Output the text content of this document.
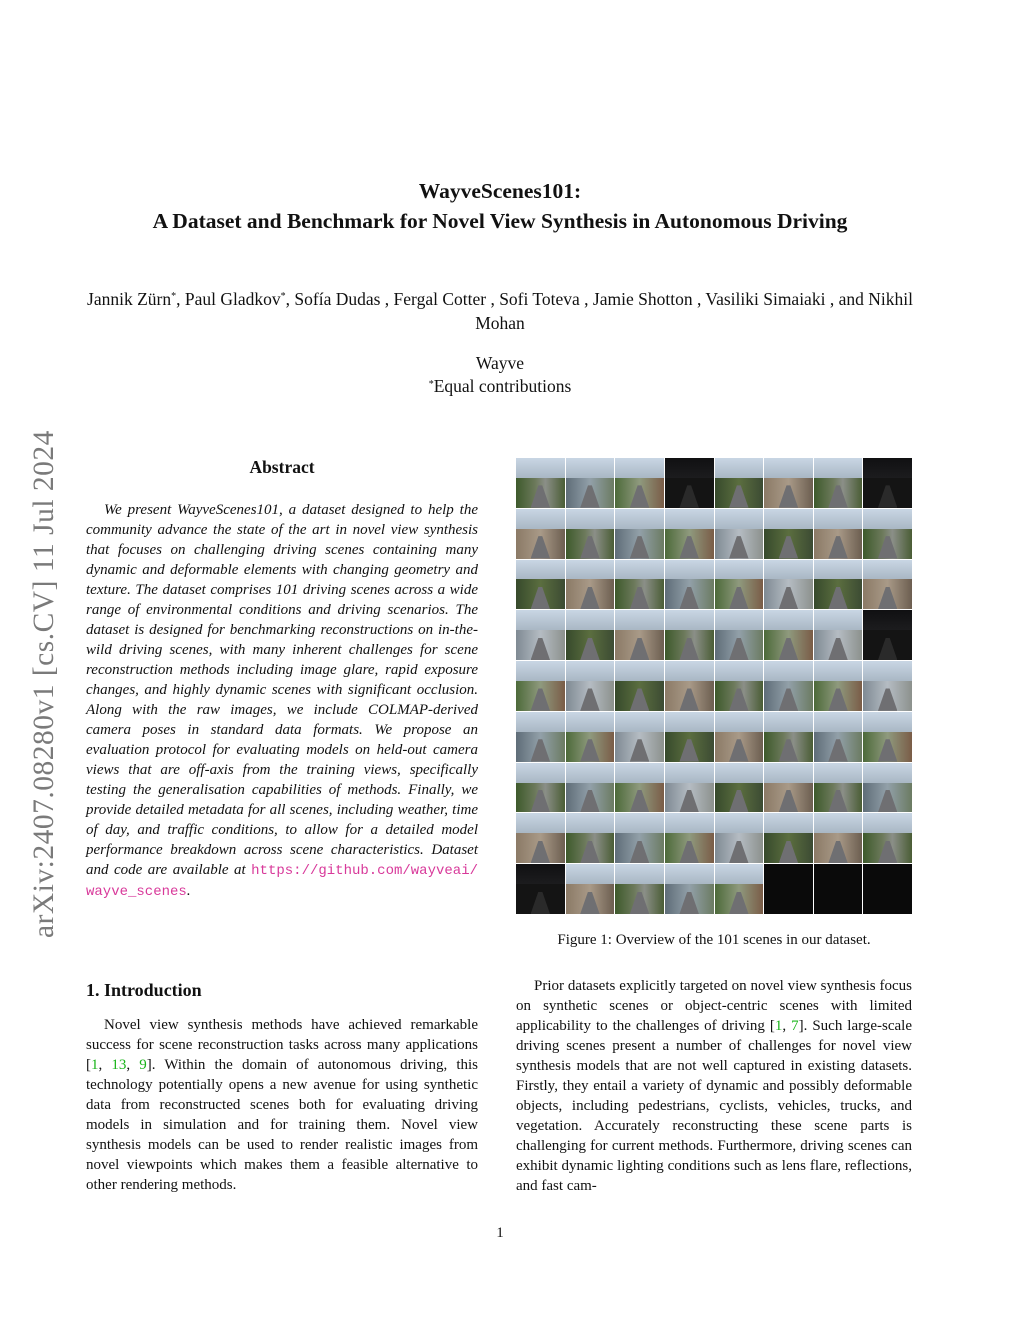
WayveScenes101:
A Dataset and Benchmark for Novel View Synthesis in Autonomous Driving
Jannik Zürn*, Paul Gladkov*, Sofía Dudas , Fergal Cotter , Sofi Toteva , Jamie Shotton , Vasiliki Simaiaki , and Nikhil Mohan
Wayve
*Equal contributions
arXiv:2407.08280v1 [cs.CV] 11 Jul 2024	Abstract

We present WayveScenes101, a dataset designed to help the community advance the state of the art in novel view synthesis that focuses on challenging driving scenes containing many dynamic and deformable elements with changing geometry and texture. The dataset comprises 101 driving scenes across a wide range of environmental conditions and driving scenarios. The dataset is designed for benchmarking reconstructions on in-the-wild driving scenes, with many inherent challenges for scene reconstruction methods including image glare, rapid exposure changes, and highly dynamic scenes with significant occlusion. Along with the raw images, we include COLMAP-derived camera poses in standard data formats. We propose an evaluation protocol for evaluating models on held-out camera views that are off-axis from the training views, specifically testing the generalisation capabilities of methods. Finally, we provide detailed metadata for all scenes, including weather, time of day, and traffic conditions, to allow for a detailed model performance breakdown across scene characteristics. Dataset and code are available at https://github.com/wayveai/ wayve_scenes.

1. Introduction

Novel view synthesis methods have achieved remarkable success for scene reconstruction tasks across many applications [1, 13, 9]. Within the domain of autonomous driving, this technology potentially opens a new avenue for using synthetic data from reconstructed scenes both for evaluating driving models in simulation and for training them. Novel view synthesis models can be used to render realistic images from novel viewpoints which makes them a feasible alternative to other rendering methods.

Figure 1: Overview of the 101 scenes in our dataset.

Prior datasets explicitly targeted on novel view synthesis focus on synthetic scenes or object-centric scenes with limited applicability to the challenges of driving [1, 7]. Such large-scale driving scenes present a number of challenges for novel view synthesis models that are not well captured in existing datasets. Firstly, they entail a variety of dynamic and possibly deformable objects, including pedestrians, cyclists, vehicles, trucks, and vegetation. Accurately reconstructing these scene parts is challenging for current methods. Furthermore, driving scenes can exhibit dynamic lighting conditions such as lens flare, reflections, and fast cam-

1
